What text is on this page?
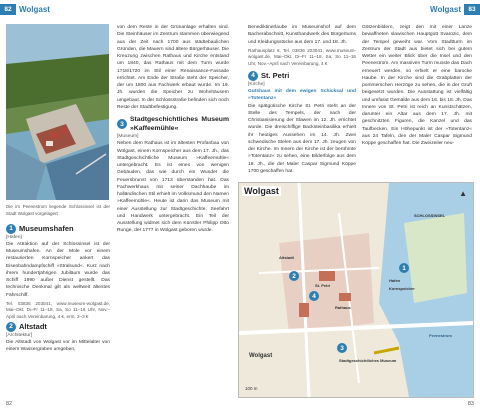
82 Wolgast

Die im Peenestrom liegende Schlossinsel ist der Stadt Wolgast vorgelagert

1 Museumshafen

[Hafen]

Die Attraktion auf der Schlossinsel ist der Museumshafen. An der Mole vor einem restaurierten Kornspeicher ankert das Eisenbahndampfschiff »Stralsund«. Kurz nach ihrem hundertjährigen Jubiläum wurde das Schiff 1990 außer Dienst gestellt. Das technische Denkmal gilt als weltweit ältestes Fährschiff.

Tel. 03836 203041, www.museum-wolgast.de, Mai–Okt. Di–Fr 11–18, Sa, So 11–16 Uhr, Nov.–April nach Vereinbarung, 4 €, erm. 2–3 €

2 Altstadt

[Architektur]

Die Altstadt von Wolgast vor im Mittelalter von einem Wassergraben umgeben,

von dem Reste in der Grünanlage erhalten sind. Die Steinhäuser im Zentrum stammen überwiegend aus der Zeit nach 1700 aus städtebaulichen Gründen, die Mauern sind ältere Bürgerhäuser. Die Kreuzung zwischen Rathaus und Kirche entstand um 1840, das Rathaus mit dem Turm wurde 1718/1720 im Stil einer Renaissance-Fassade errichtet. Am Ende der Straße steht der Speicher, der um 1800 aus Fachwerk erbaut wurde. Im 19. Jh. wurden die Speicher zu Wohnhäusern umgebaut. In der Schlossstraße befinden sich noch Reste der Stadtbefestigung.

3
Stadtgeschichtliches Museum »Kaffeemühle«

[Museum]

Neben dem Rathaus ist im ältesten Profanbau von Wolgast, einem Kornspeicher aus dem 17. Jh., das Stadtgeschichtliche Museum »Kaffeemühle« untergebracht. Es ist eines von wenigen Gebäuden, das wie durch ein Wunder die Feuersbrunst von 1713 überstanden hat. Das Fachwerkhaus mit seiner Dachhaube im holländischen Stil erhielt im Volksmund den Namen »Kaffeemühle«. Heute ist darin das Museum mit einer Ausstellung zur Stadtgeschichte, Seefahrt und Handwerk untergebracht. Ein Teil der Ausstellung widmet sich dem Künstler Philipp Otto Runge, der 1777 in Wolgast geboren wurde.

82
Wolgast	83

Benediktinerlaube im Museumshof auf dem Bacherabschnitt, Kunsthandwerk des Bürgertums und Kleidungsstücke aus dem 17. und 18. Jh.

Rathausplatz 6, Tel. 03836 203041, www.museum-wolgast.de, Mai–Okt. Di–Fr 11–18, Sa, So 11–16 Uhr, Nov.–April nach Vereinbarung, 4 €

4 St. Petri

[Kirche]

Gutshaus mit dem ewigen Schicksal und »Totentanz«

Die spätgotische Kirche St. Petri steht an der Stelle des Tempels, der nach der Christianisierung der Slawen im 12. Jh. errichtet wurde. Die dreischiffige Backsteinbasilika erhielt ihr heutiges Aussehen im 14. Jh. Zwei schwedische Stelen aus dem 17. Jh. zeugen von der Kirche. Im Innern der Kirche ist der berühmte »Totentanz« zu sehen, eine Bilderfolge aus dem 18. Jh., die der Maler Caspar Sigmund Köppe 1700 geschaffen hat.

Götzenbildern, zeigt den mit einer Lanze bewaffneten slawischen Hauptgott Svarozic, dem der Tempel geweiht war. Vom Stadtturm im Zentrum der Stadt aus bietet sich bei gutem Wetter ein weiter Blick über die Insel und den Peenestrom. Am massiven Turm musste das Dach erneuert werden, so erhielt er eine barocke Haube. In der Kirche sind die Grabplatten der pommerschen Herzöge zu sehen, die in der Gruft beigesetzt wurden. Die Ausstattung ist vielfältig und umfasst Gemälde aus dem 16. bis 18. Jh. Das Innere von St. Petri ist reich an Kunstschätzen, darunter ein Altar aus dem 17. Jh. mit geschnitzten Figuren, die Kanzel und das Taufbecken. Ein Höhepunkt ist der »Totentanz« aus 24 Tafeln, den der Maler Caspar Sigmund Köppe geschaffen hat. Die Zweizeiler neu-

Wolgast
SCHLOSSINSEL
Peenestrom
St. Petri
Rathaus
Hafen
Kornspeicher
Stadtgeschichtliches Museum
Wolgast
Altstadt
1
2
3
4
100 m
▲
83
